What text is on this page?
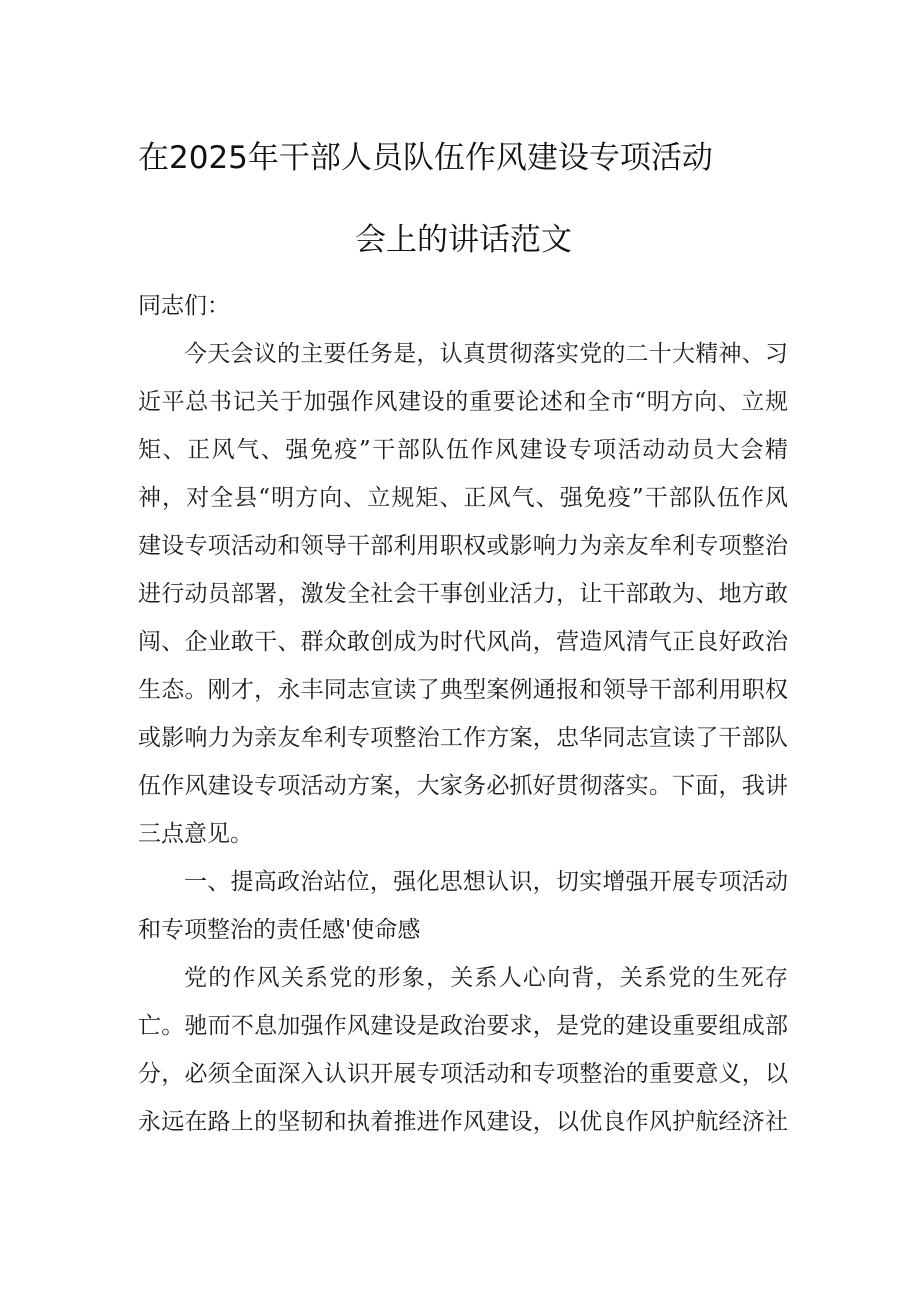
在2025年干部人员队伍作风建设专项活动
会上的讲话范文
同志们：
今天会议的主要任务是，认真贯彻落实党的二十大精神、习
近平总书记关于加强作风建设的重要论述和全市“明方向、立规
矩、正风气、强免疫”干部队伍作风建设专项活动动员大会精
神，对全县“明方向、立规矩、正风气、强免疫”干部队伍作风
建设专项活动和领导干部利用职权或影响力为亲友牟利专项整治
进行动员部署，激发全社会干事创业活力，让干部敢为、地方敢
闯、企业敢干、群众敢创成为时代风尚，营造风清气正良好政治
生态。刚才，永丰同志宣读了典型案例通报和领导干部利用职权
或影响力为亲友牟利专项整治工作方案，忠华同志宣读了干部队
伍作风建设专项活动方案，大家务必抓好贯彻落实。下面，我讲
三点意见。
一、提高政治站位，强化思想认识，切实增强开展专项活动
和专项整治的责任感'使命感
党的作风关系党的形象，关系人心向背，关系党的生死存
亡。驰而不息加强作风建设是政治要求，是党的建设重要组成部
分，必须全面深入认识开展专项活动和专项整治的重要意义，以
永远在路上的坚韧和执着推进作风建设，以优良作风护航经济社
